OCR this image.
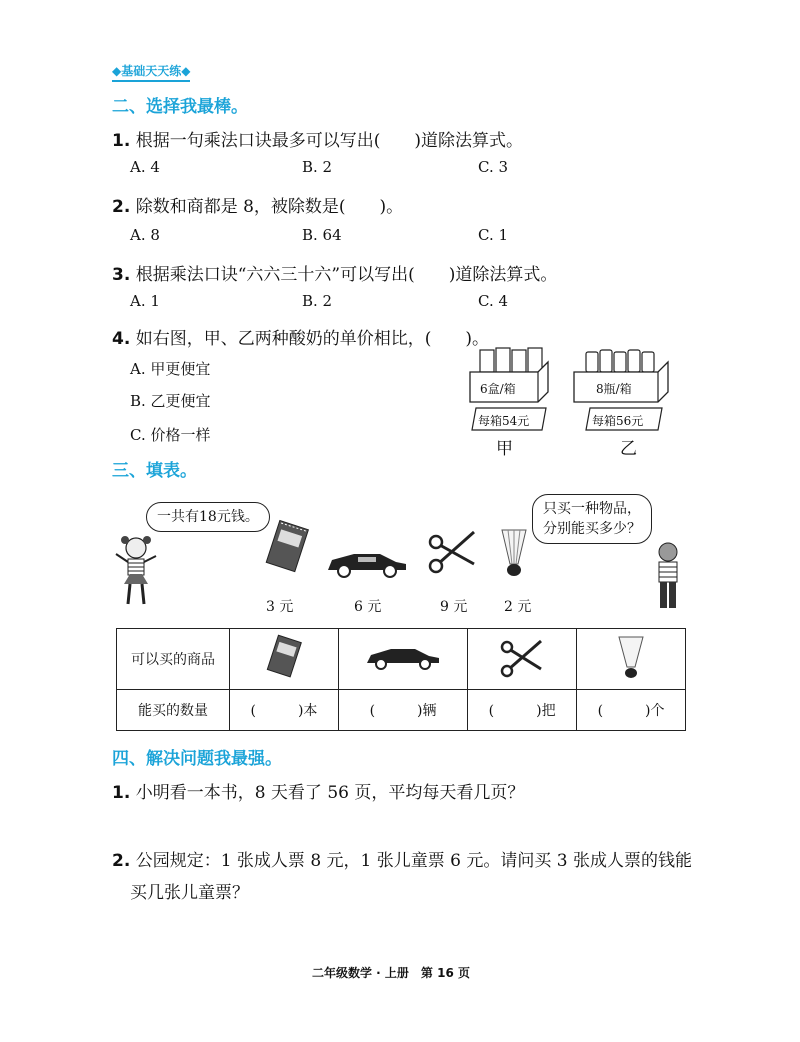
◆基础天天练◆
二、选择我最棒。
1. 根据一句乘法口诀最多可以写出(　　)道除法算式。
A. 4	B. 2	C. 3
2. 除数和商都是 8，被除数是(　　)。
A. 8	B. 64	C. 1
3. 根据乘法口诀“六六三十六”可以写出(　　)道除法算式。
A. 1	B. 2	C. 4
4. 如右图，甲、乙两种酸奶的单价相比，(　　)。
A. 甲更便宜
B. 乙更便宜
C. 价格一样
6盒/箱	8瓶/箱
每箱54元	每箱56元
甲	乙
三、填表。
一共有18元钱。	只买一种物品，
分别能买多少？
3 元	6 元	9 元	2 元
可以买的商品				
能买的数量	(　　　)本	(　　　)辆	(　　　)把	(　　　)个
四、解决问题我最强。
1. 小明看一本书，8 天看了 56 页，平均每天看几页？
2. 公园规定：1 张成人票 8 元，1 张儿童票 6 元。请问买 3 张成人票的钱能
买几张儿童票？
二年级数学 · 上册　第 16 页
